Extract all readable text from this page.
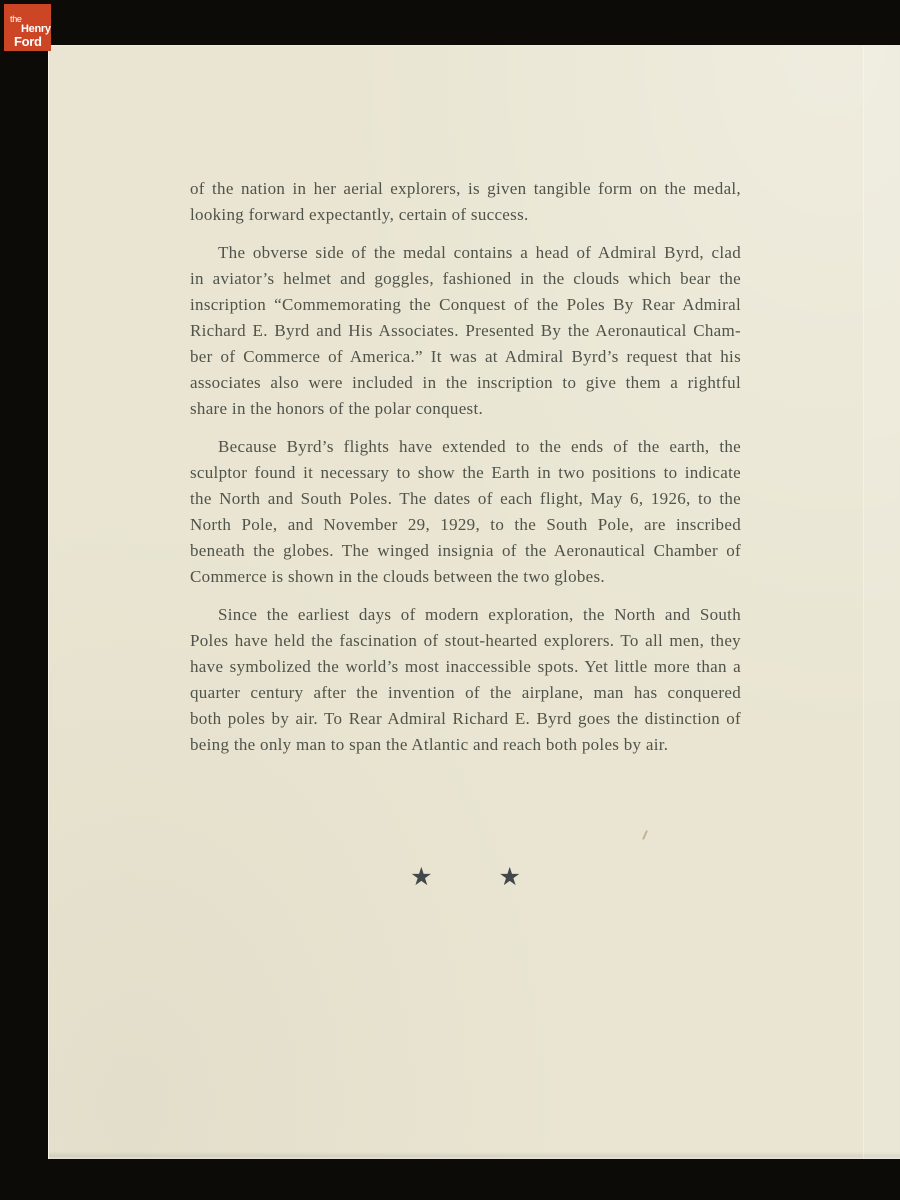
the
Henry
Ford
of the nation in her aerial explorers, is given tangible form on the medal,
looking forward expectantly, certain of success.
The obverse side of the medal contains a head of Admiral Byrd, clad
in aviator’s helmet and goggles, fashioned in the clouds which bear the
inscription “Commemorating the Conquest of the Poles By Rear Admiral
Richard E. Byrd and His Associates. Presented By the Aeronautical Cham-
ber of Commerce of America.” It was at Admiral Byrd’s request that his
associates also were included in the inscription to give them a rightful
share in the honors of the polar conquest.
Because Byrd’s flights have extended to the ends of the earth, the
sculptor found it necessary to show the Earth in two positions to indicate
the North and South Poles. The dates of each flight, May 6, 1926, to the
North Pole, and November 29, 1929, to the South Pole, are inscribed
beneath the globes. The winged insignia of the Aeronautical Chamber of
Commerce is shown in the clouds between the two globes.
Since the earliest days of modern exploration, the North and South
Poles have held the fascination of stout-hearted explorers. To all men, they
have symbolized the world’s most inaccessible spots. Yet little more than a
quarter century after the invention of the airplane, man has conquered
both poles by air. To Rear Admiral Richard E. Byrd goes the distinction of
being the only man to span the Atlantic and reach both poles by air.
★	★
